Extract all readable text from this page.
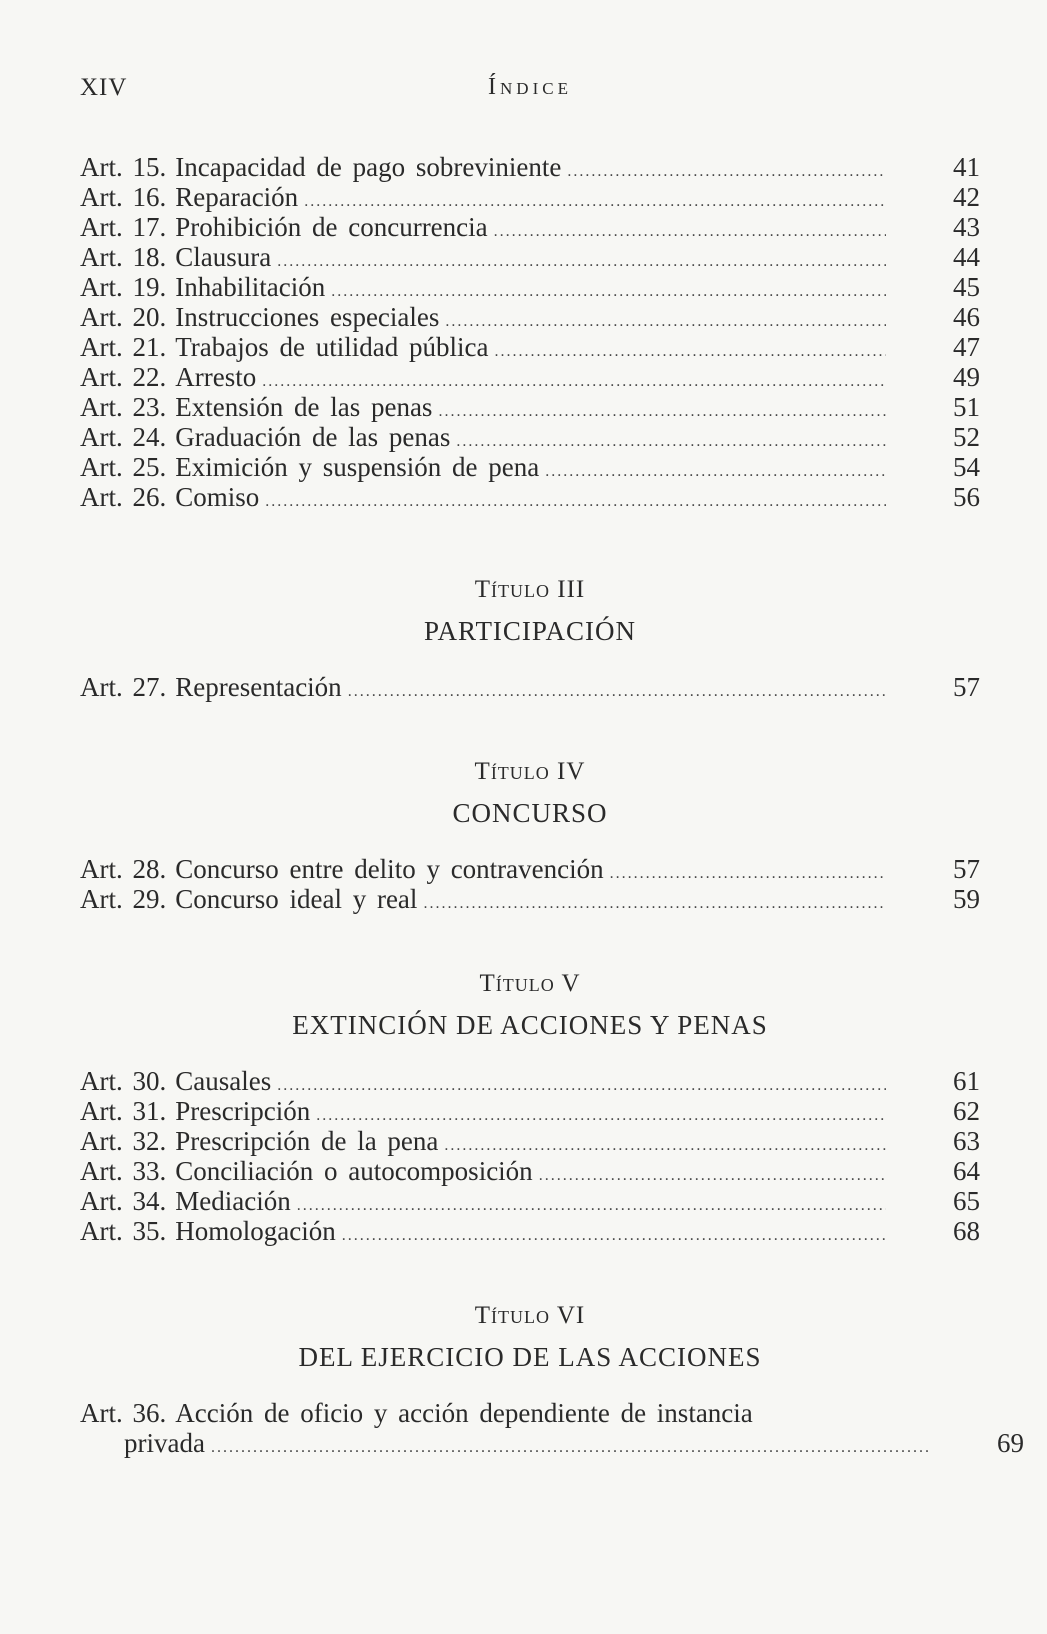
XIV	Índice
Art. 15. Incapacidad de pago sobreviniente .....	41
Art. 16. Reparación .....	42
Art. 17. Prohibición de concurrencia .....	43
Art. 18. Clausura .....	44
Art. 19. Inhabilitación .....	45
Art. 20. Instrucciones especiales .....	46
Art. 21. Trabajos de utilidad pública .....	47
Art. 22. Arresto .....	49
Art. 23. Extensión de las penas .....	51
Art. 24. Graduación de las penas .....	52
Art. 25. Eximición y suspensión de pena .....	54
Art. 26. Comiso .....	56
Título III
PARTICIPACIÓN
Art. 27. Representación .....	57
Título IV
CONCURSO
Art. 28. Concurso entre delito y contravención .....	57
Art. 29. Concurso ideal y real .....	59
Título V
EXTINCIÓN DE ACCIONES Y PENAS
Art. 30. Causales .....	61
Art. 31. Prescripción .....	62
Art. 32. Prescripción de la pena .....	63
Art. 33. Conciliación o autocomposición .....	64
Art. 34. Mediación .....	65
Art. 35. Homologación .....	68
Título VI
DEL EJERCICIO DE LAS ACCIONES
Art. 36. Acción de oficio y acción dependiente de instancia
privada .....	69
